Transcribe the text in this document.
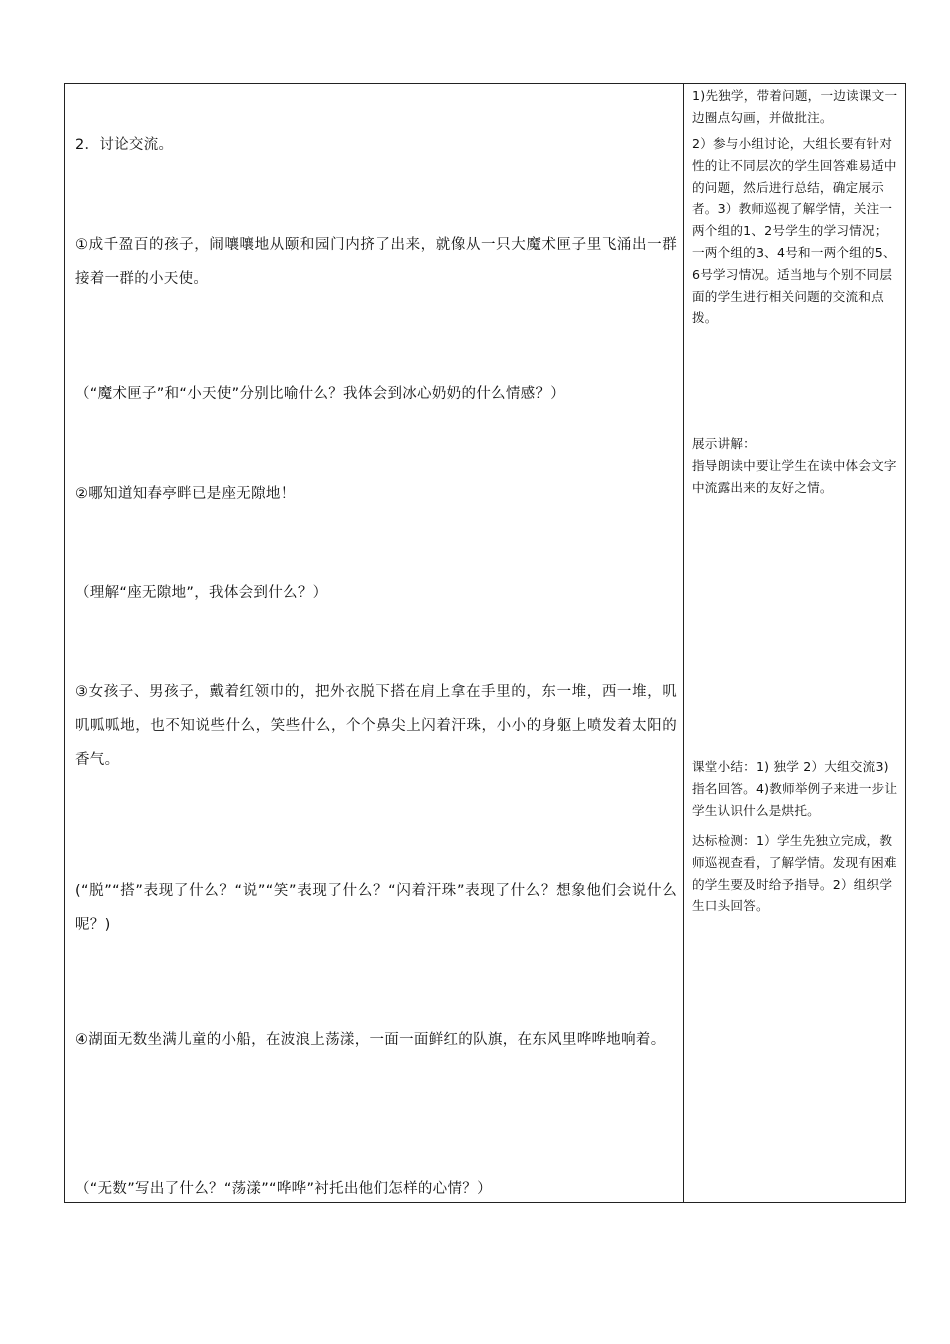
2．讨论交流。

①成千盈百的孩子，闹嚷嚷地从颐和园门内挤了出来，就像从一只大魔术匣子里飞涌出一群接着一群的小天使。

（“魔术匣子”和“小天使”分别比喻什么？我体会到冰心奶奶的什么情感？）

②哪知道知春亭畔已是座无隙地！

（理解“座无隙地”，我体会到什么？）

③女孩子、男孩子，戴着红领巾的，把外衣脱下搭在肩上拿在手里的，东一堆，西一堆，叽叽呱呱地，也不知说些什么，笑些什么，个个鼻尖上闪着汗珠，小小的身躯上喷发着太阳的香气。

(“脱”“搭”表现了什么？“说”“笑”表现了什么？“闪着汗珠”表现了什么？想象他们会说什么呢？)

④湖面无数坐满儿童的小船，在波浪上荡漾，一面一面鲜红的队旗，在东风里哗哗地响着。

（“无数”写出了什么？“荡漾”“哗哗”衬托出他们怎样的心情？）

1)先独学，带着问题，一边读课文一边圈点勾画，并做批注。

2）参与小组讨论，大组长要有针对性的让不同层次的学生回答难易适中的问题，然后进行总结，确定展示者。3）教师巡视了解学情，关注一两个组的1、2号学生的学习情况；一两个组的3、4号和一两个组的5、6号学习情况。适当地与个别不同层面的学生进行相关问题的交流和点拨。

展示讲解：

指导朗读中要让学生在读中体会文字中流露出来的友好之情。

课堂小结：1) 独学 2）大组交流3)指名回答。4)教师举例子来进一步让学生认识什么是烘托。

达标检测：1）学生先独立完成，教师巡视查看，了解学情。发现有困难的学生要及时给予指导。2）组织学生口头回答。
